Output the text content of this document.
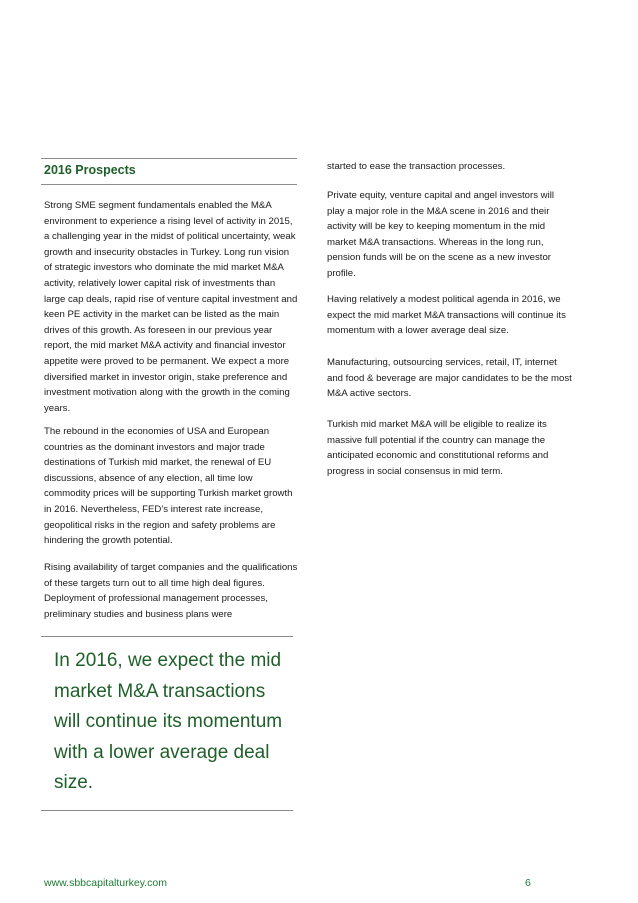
2016 Prospects

Strong SME segment fundamentals enabled the M&A environment to experience a rising level of activity in 2015, a challenging year in the midst of political uncertainty, weak growth and insecurity obstacles in Turkey. Long run vision of strategic investors who dominate the mid market M&A activity, relatively lower capital risk of investments than large cap deals, rapid rise of venture capital investment and keen PE activity in the market can be listed as the main drives of this growth. As foreseen in our previous year report, the mid market M&A activity and financial investor appetite were proved to be permanent. We expect a more diversified market in investor origin, stake preference and investment motivation along with the growth in the coming years.

The rebound in the economies of USA and European countries as the dominant investors and major trade destinations of Turkish mid market, the renewal of EU discussions, absence of any election, all time low commodity prices will be supporting Turkish market growth in 2016. Nevertheless, FED’s interest rate increase, geopolitical risks in the region and safety problems are hindering the growth potential.

Rising availability of target companies and the qualifications of these targets turn out to all time high deal figures. Deployment of professional management processes, preliminary studies and business plans were

In 2016, we expect the mid market M&A transactions will continue its momentum with a lower average deal size.

started to ease the transaction processes.

Private equity, venture capital and angel investors will play a major role in the M&A scene in 2016 and their activity will be key to keeping momentum in the mid market M&A transactions. Whereas in the long run, pension funds will be on the scene as a new investor profile.

Having relatively a modest political agenda in 2016, we expect the mid market M&A transactions will continue its momentum with a lower average deal size.

Manufacturing, outsourcing services, retail, IT, internet and food & beverage are major candidates to be the most M&A active sectors.

Turkish mid market M&A will be eligible to realize its massive full potential if the country can manage the anticipated economic and constitutional reforms and progress in social consensus in mid term.

www.sbbcapitalturkey.com	6
